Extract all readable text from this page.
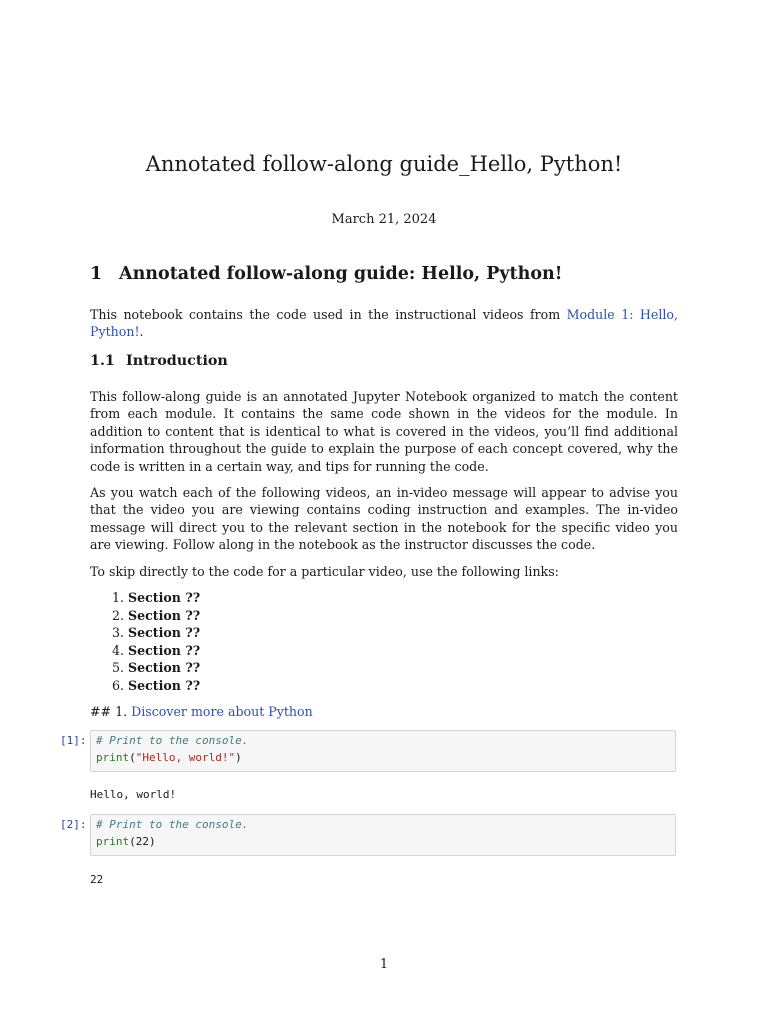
Annotated follow-along guide_Hello, Python!
March 21, 2024
1 Annotated follow-along guide: Hello, Python!

This notebook contains the code used in the instructional videos from Module 1: Hello, Python!.

1.1 Introduction

This follow-along guide is an annotated Jupyter Notebook organized to match the content from each module. It contains the same code shown in the videos for the module. In addition to content that is identical to what is covered in the videos, you’ll find additional information throughout the guide to explain the purpose of each concept covered, why the code is written in a certain way, and tips for running the code.

As you watch each of the following videos, an in-video message will appear to advise you that the video you are viewing contains coding instruction and examples. The in-video message will direct you to the relevant section in the notebook for the specific video you are viewing. Follow along in the notebook as the instructor discusses the code.

To skip directly to the code for a particular video, use the following links:

1.
Section ??
2.
Section ??
3.
Section ??
4.
Section ??
5.
Section ??
6.
Section ??
## 1. Discover more about Python
[1]: # Print to the console.
print("Hello, world!")
Hello, world!
[2]: # Print to the console.
print(22)
22
1
